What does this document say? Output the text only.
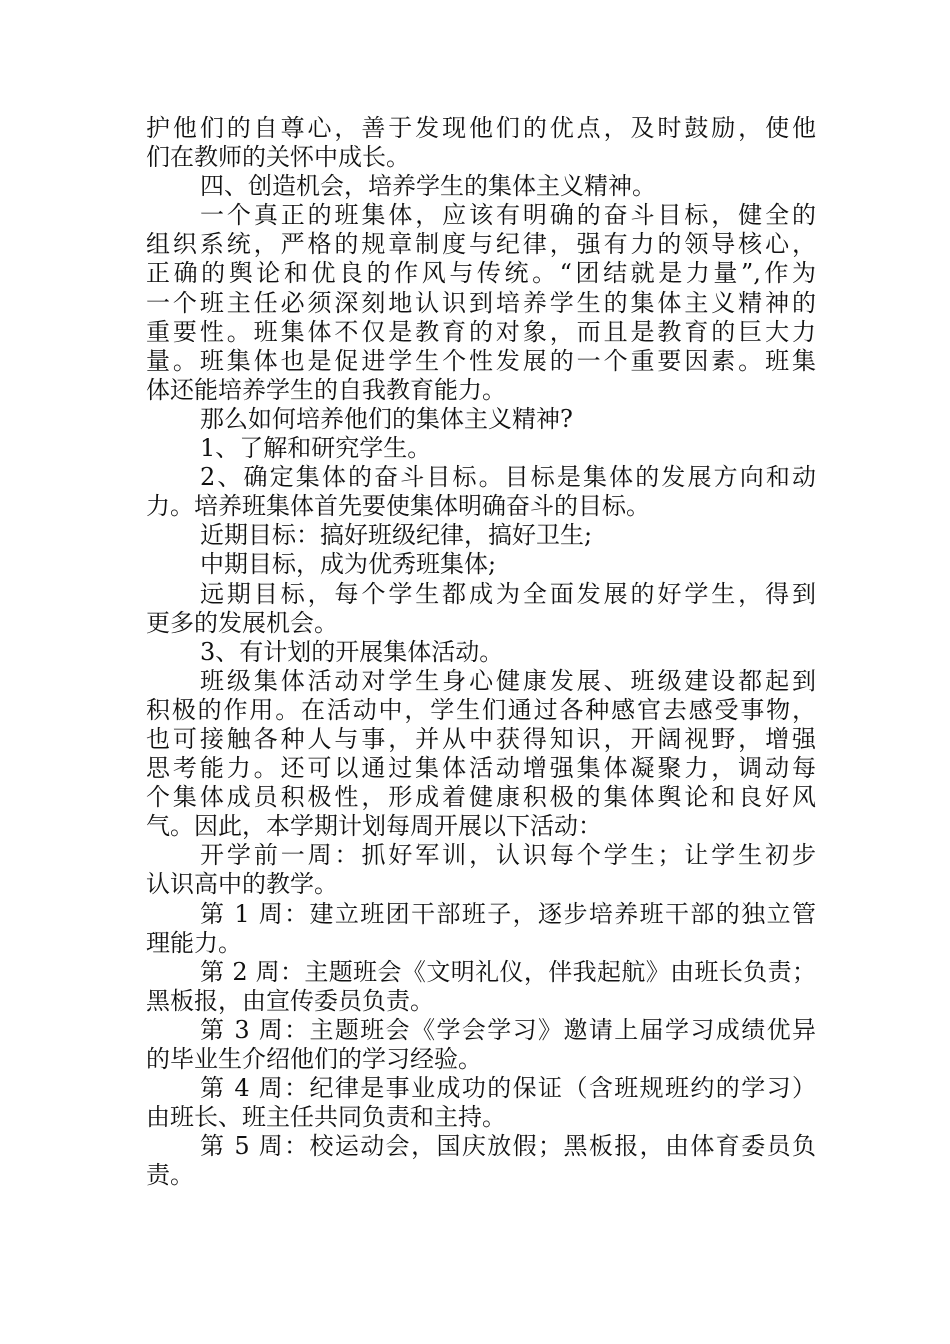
护他们的自尊心，善于发现他们的优点，及时鼓励，使他
们在教师的关怀中成长。
四、创造机会，培养学生的集体主义精神。
一个真正的班集体，应该有明确的奋斗目标，健全的
组织系统，严格的规章制度与纪律，强有力的领导核心，
正确的舆论和优良的作风与传统。“团结就是力量”,作为
一个班主任必须深刻地认识到培养学生的集体主义精神的
重要性。班集体不仅是教育的对象，而且是教育的巨大力
量。班集体也是促进学生个性发展的一个重要因素。班集
体还能培养学生的自我教育能力。
那么如何培养他们的集体主义精神?
1、了解和研究学生。
2、确定集体的奋斗目标。目标是集体的发展方向和动
力。培养班集体首先要使集体明确奋斗的目标。
近期目标：搞好班级纪律，搞好卫生;
中期目标，成为优秀班集体;
远期目标，每个学生都成为全面发展的好学生，得到
更多的发展机会。
3、有计划的开展集体活动。
班级集体活动对学生身心健康发展、班级建设都起到
积极的作用。在活动中，学生们通过各种感官去感受事物，
也可接触各种人与事，并从中获得知识，开阔视野，增强
思考能力。还可以通过集体活动增强集体凝聚力，调动每
个集体成员积极性，形成着健康积极的集体舆论和良好风
气。因此，本学期计划每周开展以下活动：
开学前一周：抓好军训，认识每个学生；让学生初步
认识高中的教学。
第 1 周：建立班团干部班子，逐步培养班干部的独立管
理能力。
第 2 周：主题班会《文明礼仪，伴我起航》由班长负责；
黑板报，由宣传委员负责。
第 3 周：主题班会《学会学习》邀请上届学习成绩优异
的毕业生介绍他们的学习经验。
第 4 周：纪律是事业成功的保证（含班规班约的学习）
由班长、班主任共同负责和主持。
第 5 周：校运动会，国庆放假；黑板报，由体育委员负
责。
